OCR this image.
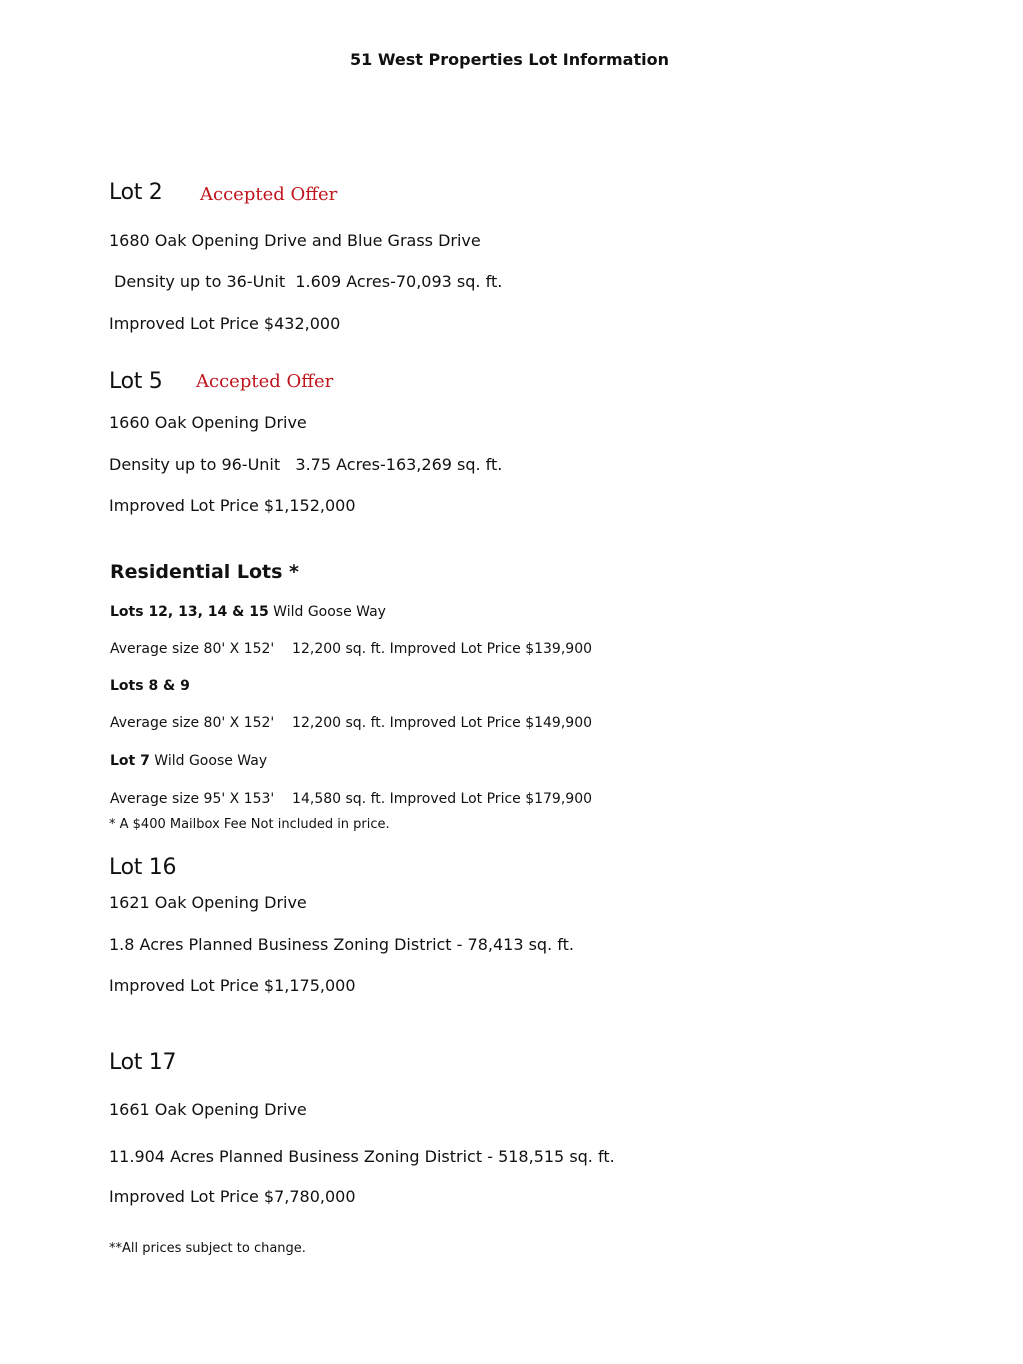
51 West Properties Lot Information
Lot 2 Accepted Offer
1680 Oak Opening Drive and Blue Grass Drive
Density up to 36-Unit  1.609 Acres-70,093 sq. ft.
Improved Lot Price $432,000
Lot 5 Accepted Offer
1660 Oak Opening Drive
Density up to 96-Unit   3.75 Acres-163,269 sq. ft.
Improved Lot Price $1,152,000
Residential Lots *
Lots 12, 13, 14 & 15 Wild Goose Way
Average size 80' X 152'    12,200 sq. ft. Improved Lot Price $139,900
Lots 8 & 9
Average size 80' X 152'    12,200 sq. ft. Improved Lot Price $149,900
Lot 7 Wild Goose Way
Average size 95' X 153'    14,580 sq. ft. Improved Lot Price $179,900
* A $400 Mailbox Fee Not included in price.
Lot 16
1621 Oak Opening Drive
1.8 Acres Planned Business Zoning District - 78,413 sq. ft.
Improved Lot Price $1,175,000
Lot 17
1661 Oak Opening Drive
11.904 Acres Planned Business Zoning District - 518,515 sq. ft.
Improved Lot Price $7,780,000
**All prices subject to change.
